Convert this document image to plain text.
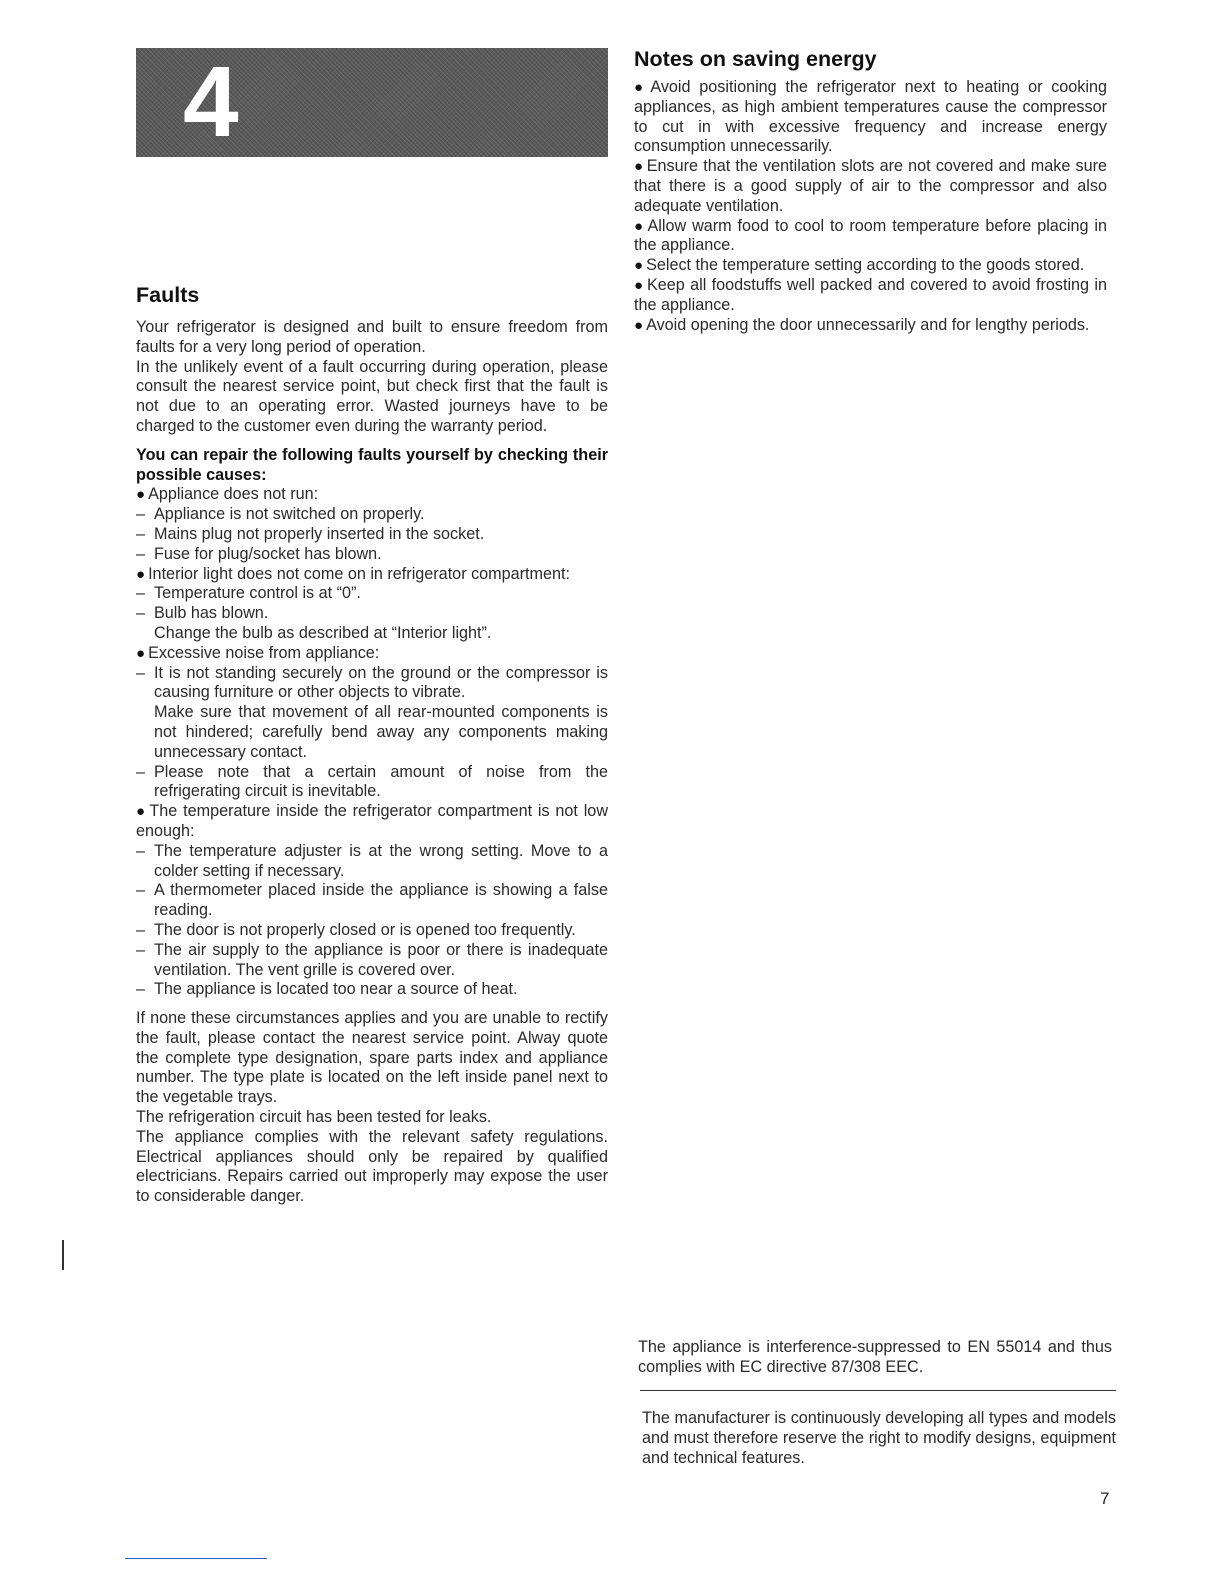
4
Faults

Your refrigerator is designed and built to ensure freedom from faults for a very long period of operation.

In the unlikely event of a fault occurring during operation, please consult the nearest service point, but check first that the fault is not due to an operating error. Wasted journeys have to be charged to the customer even during the warranty period.

You can repair the following faults yourself by checking their possible causes:

● Appliance does not run:
– Appliance is not switched on properly.
– Mains plug not properly inserted in the socket.
– Fuse for plug/socket has blown.
● Interior light does not come on in refrigerator compartment:
– Temperature control is at “0”.
– Bulb has blown.
Change the bulb as described at “Interior light”.
● Excessive noise from appliance:
– It is not standing securely on the ground or the compressor is causing furniture or other objects to vibrate.
Make sure that movement of all rear-mounted components is not hindered; carefully bend away any components making unnecessary contact.
– Please note that a certain amount of noise from the refrigerating circuit is inevitable.
● The temperature inside the refrigerator compartment is not low enough:
– The temperature adjuster is at the wrong setting. Move to a colder setting if necessary.
– A thermometer placed inside the appliance is showing a false reading.
– The door is not properly closed or is opened too frequently.
– The air supply to the appliance is poor or there is inadequate ventilation. The vent grille is covered over.
– The appliance is located too near a source of heat.

If none these circumstances applies and you are unable to rectify the fault, please contact the nearest service point. Alway quote the complete type designation, spare parts index and appliance number. The type plate is located on the left inside panel next to the vegetable trays.

The refrigeration circuit has been tested for leaks.

The appliance complies with the relevant safety regulations. Electrical appliances should only be repaired by qualified electricians. Repairs carried out improperly may expose the user to considerable danger.

Notes on saving energy
● Avoid positioning the refrigerator next to heating or cooking appliances, as high ambient temperatures cause the compressor to cut in with excessive frequency and increase energy consumption unnecessarily.
● Ensure that the ventilation slots are not covered and make sure that there is a good supply of air to the compressor and also adequate ventilation.
● Allow warm food to cool to room temperature before placing in the appliance.
● Select the temperature setting according to the goods stored.
● Keep all foodstuffs well packed and covered to avoid frosting in the appliance.
● Avoid opening the door unnecessarily and for lengthy periods.

The appliance is interference-suppressed to EN 55014 and thus complies with EC directive 87/308 EEC.

The manufacturer is continuously developing all types and models and must therefore reserve the right to modify designs, equipment and technical features.

7
